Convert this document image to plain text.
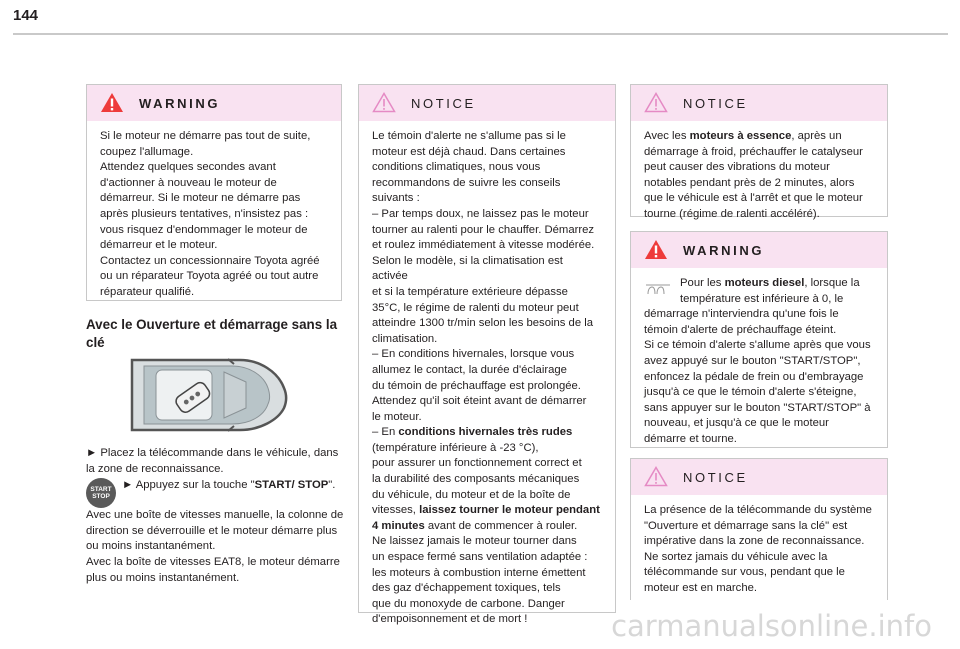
144
WARNING

Si le moteur ne démarre pas tout de suite,
coupez l'allumage.
Attendez quelques secondes avant
d'actionner à nouveau le moteur de
démarreur. Si le moteur ne démarre pas
après plusieurs tentatives, n'insistez pas :
vous risquez d'endommager le moteur de
démarreur et le moteur.
Contactez un concessionnaire Toyota agréé
ou un réparateur Toyota agréé ou tout autre
réparateur qualifié.

Avec le Ouverture et démarrage sans la clé

► Placez la télécommande dans le véhicule, dans la zone de reconnaissance.

START
STOP

► Appuyez sur la touche "START/ STOP".

Avec une boîte de vitesses manuelle, la colonne de direction se déverrouille et le moteur démarre plus ou moins instantanément.

Avec la boîte de vitesses EAT8, le moteur démarre plus ou moins instantanément.

NOTICE

Le témoin d'alerte ne s'allume pas si le
moteur est déjà chaud. Dans certaines
conditions climatiques, nous vous
recommandons de suivre les conseils
suivants :
– Par temps doux, ne laissez pas le moteur
tourner au ralenti pour le chauffer. Démarrez
et roulez immédiatement à vitesse modérée.
Selon le modèle, si la climatisation est activée
et si la température extérieure dépasse
35°C, le régime de ralenti du moteur peut
atteindre 1300 tr/min selon les besoins de la
climatisation.
– En conditions hivernales, lorsque vous
allumez le contact, la durée d'éclairage
du témoin de préchauffage est prolongée.
Attendez qu'il soit éteint avant de démarrer
le moteur.
– En conditions hivernales très rudes (température inférieure à -23 °C),
pour assurer un fonctionnement correct et
la durabilité des composants mécaniques
du véhicule, du moteur et de la boîte de
vitesses, laissez tourner le moteur pendant 4 minutes avant de commencer à rouler.
Ne laissez jamais le moteur tourner dans
un espace fermé sans ventilation adaptée :
les moteurs à combustion interne émettent
des gaz d'échappement toxiques, tels
que du monoxyde de carbone. Danger
d'empoisonnement et de mort !

NOTICE

Avec les moteurs à essence, après un démarrage à froid, préchauffer le catalyseur peut causer des vibrations du moteur notables pendant près de 2 minutes, alors que le véhicule est à l'arrêt et que le moteur tourne (régime de ralenti accéléré).

WARNING

Pour les moteurs diesel, lorsque la température est inférieure à 0, le démarrage n'interviendra qu'une fois le témoin d'alerte de préchauffage éteint.

Si ce témoin d'alerte s'allume après que vous avez appuyé sur le bouton "START/STOP", enfoncez la pédale de frein ou d'embrayage jusqu'à ce que le témoin d'alerte s'éteigne, sans appuyer sur le bouton "START/STOP" à nouveau, et jusqu'à ce que le moteur démarre et tourne.

NOTICE

La présence de la télécommande du système "Ouverture et démarrage sans la clé" est impérative dans la zone de reconnaissance. Ne sortez jamais du véhicule avec la télécommande sur vous, pendant que le moteur est en marche.

carmanualsonline.info
